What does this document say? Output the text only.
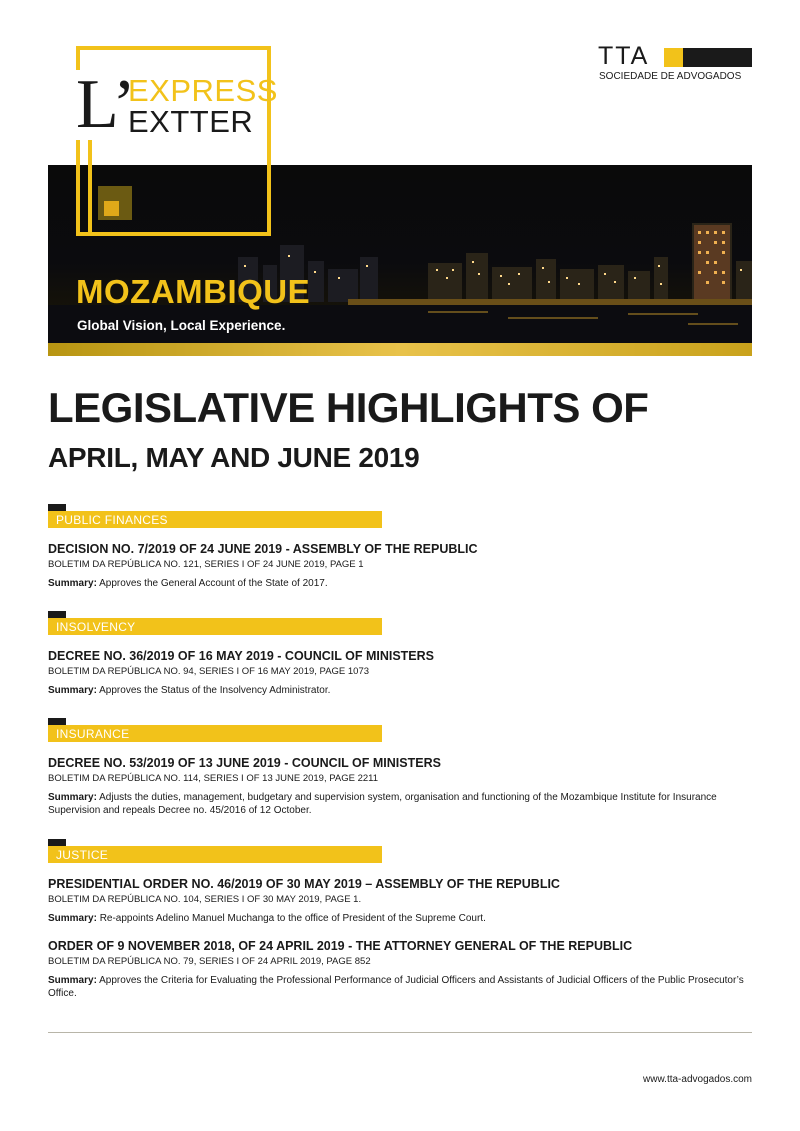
L’
EXPRESS
EXTTER
TTA
SOCIEDADE DE ADVOGADOS
MOZAMBIQUE
Global Vision, Local Experience.
LEGISLATIVE HIGHLIGHTS OF
APRIL, MAY AND JUNE 2019
PUBLIC FINANCES
DECISION NO. 7/2019 OF 24 JUNE 2019 - ASSEMBLY OF THE REPUBLIC
BOLETIM DA REPÚBLICA NO. 121, SERIES I OF 24 JUNE 2019, PAGE 1
Summary: Approves the General Account of the State of 2017.
INSOLVENCY
DECREE NO. 36/2019 OF 16 MAY 2019 - COUNCIL OF MINISTERS
BOLETIM DA REPÚBLICA NO. 94, SERIES I OF 16 MAY 2019, PAGE 1073
Summary: Approves the Status of the Insolvency Administrator.
INSURANCE
DECREE NO. 53/2019 OF 13 JUNE 2019 - COUNCIL OF MINISTERS
BOLETIM DA REPÚBLICA NO. 114, SERIES I OF 13 JUNE 2019, PAGE 2211
Summary: Adjusts the duties, management, budgetary and supervision system, organisation and functioning of the Mozambique Institute for Insurance Supervision and repeals Decree no. 45/2016 of 12 October.
JUSTICE
PRESIDENTIAL ORDER NO. 46/2019 OF 30 MAY 2019 – ASSEMBLY OF THE REPUBLIC
BOLETIM DA REPÚBLICA NO. 104, SERIES I OF 30 MAY 2019, PAGE 1.
Summary: Re-appoints Adelino Manuel Muchanga to the office of President of the Supreme Court.
ORDER OF 9 NOVEMBER 2018, OF 24 APRIL 2019 - THE ATTORNEY GENERAL OF THE REPUBLIC
BOLETIM DA REPÚBLICA NO. 79, SERIES I OF 24 APRIL 2019, PAGE 852
Summary: Approves the Criteria for Evaluating the Professional Performance of Judicial Officers and Assistants of Judicial Officers of the Public Prosecutor’s Office.
www.tta-advogados.com
